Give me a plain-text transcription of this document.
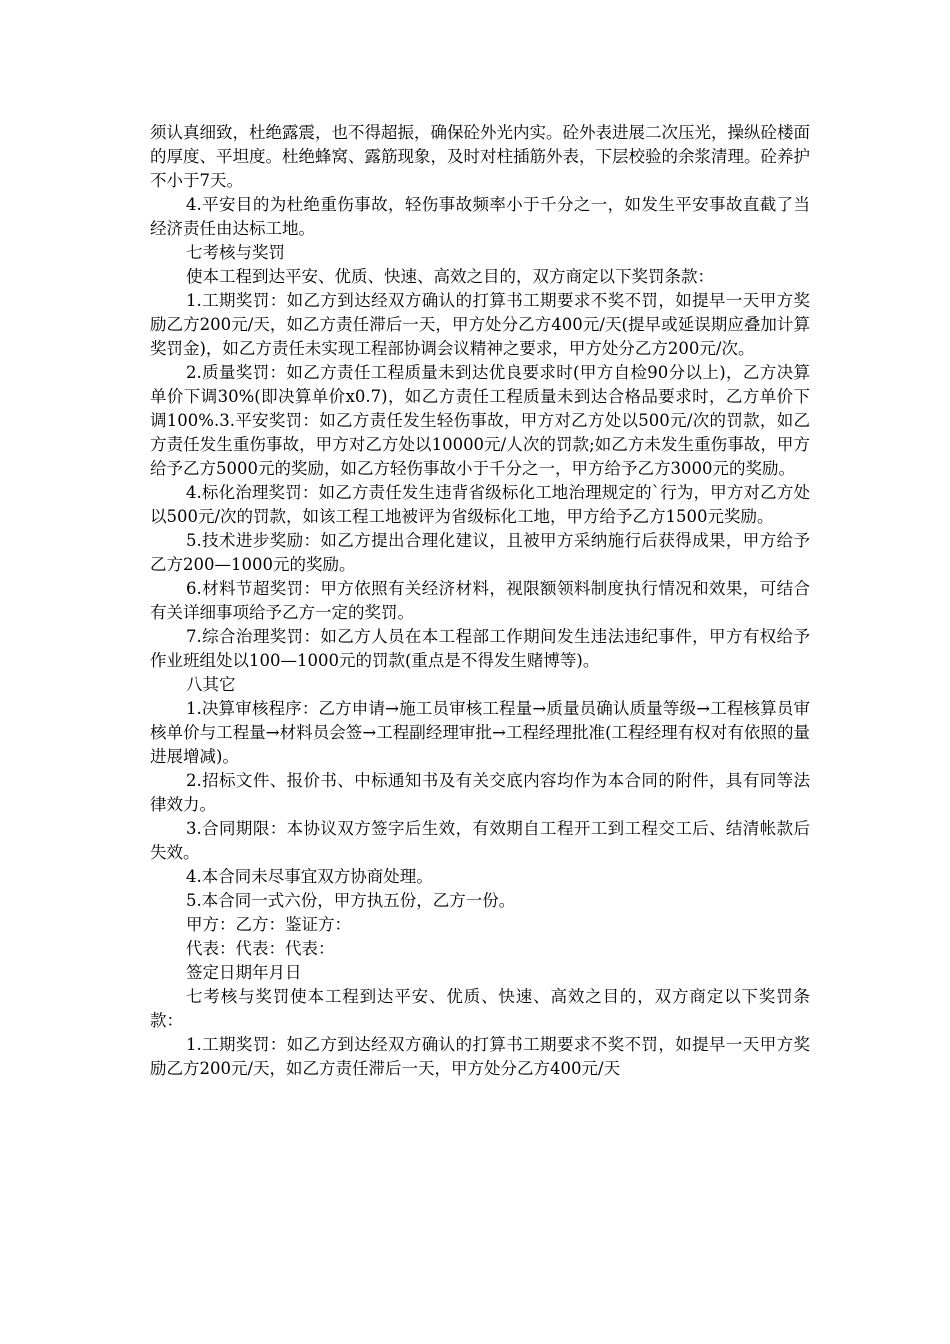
须认真细致，杜绝露震，也不得超振，确保砼外光内实。砼外表进展二次压光，操纵砼楼面的厚度、平坦度。杜绝蜂窝、露筋现象，及时对柱插筋外表，下层校验的余浆清理。砼养护不小于7天。

4.平安目的为杜绝重伤事故，轻伤事故频率小于千分之一，如发生平安事故直截了当经济责任由达标工地。

七考核与奖罚

使本工程到达平安、优质、快速、高效之目的，双方商定以下奖罚条款：

1.工期奖罚：如乙方到达经双方确认的打算书工期要求不奖不罚，如提早一天甲方奖励乙方200元/天，如乙方责任滞后一天，甲方处分乙方400元/天(提早或延误期应叠加计算奖罚金)，如乙方责任未实现工程部协调会议精神之要求，甲方处分乙方200元/次。

2.质量奖罚：如乙方责任工程质量未到达优良要求时(甲方自检90分以上)，乙方决算单价下调30%(即决算单价x0.7)，如乙方责任工程质量未到达合格品要求时，乙方单价下调100%.3.平安奖罚：如乙方责任发生轻伤事故，甲方对乙方处以500元/次的罚款，如乙方责任发生重伤事故，甲方对乙方处以10000元/人次的罚款;如乙方未发生重伤事故，甲方给予乙方5000元的奖励，如乙方轻伤事故小于千分之一，甲方给予乙方3000元的奖励。

4.标化治理奖罚：如乙方责任发生违背省级标化工地治理规定的`行为，甲方对乙方处以500元/次的罚款，如该工程工地被评为省级标化工地，甲方给予乙方1500元奖励。

5.技术进步奖励：如乙方提出合理化建议，且被甲方采纳施行后获得成果，甲方给予乙方200—1000元的奖励。

6.材料节超奖罚：甲方依照有关经济材料，视限额领料制度执行情况和效果，可结合有关详细事项给予乙方一定的奖罚。

7.综合治理奖罚：如乙方人员在本工程部工作期间发生违法违纪事件，甲方有权给予作业班组处以100—1000元的罚款(重点是不得发生赌博等)。

八其它

1.决算审核程序：乙方申请→施工员审核工程量→质量员确认质量等级→工程核算员审核单价与工程量→材料员会签→工程副经理审批→工程经理批准(工程经理有权对有依照的量进展增减)。

2.招标文件、报价书、中标通知书及有关交底内容均作为本合同的附件，具有同等法律效力。

3.合同期限：本协议双方签字后生效，有效期自工程开工到工程交工后、结清帐款后失效。

4.本合同未尽事宜双方协商处理。

5.本合同一式六份，甲方执五份，乙方一份。

甲方：乙方：鉴证方：

代表：代表：代表：

签定日期年月日

七考核与奖罚使本工程到达平安、优质、快速、高效之目的，双方商定以下奖罚条款：

1.工期奖罚：如乙方到达经双方确认的打算书工期要求不奖不罚，如提早一天甲方奖励乙方200元/天，如乙方责任滞后一天，甲方处分乙方400元/天
